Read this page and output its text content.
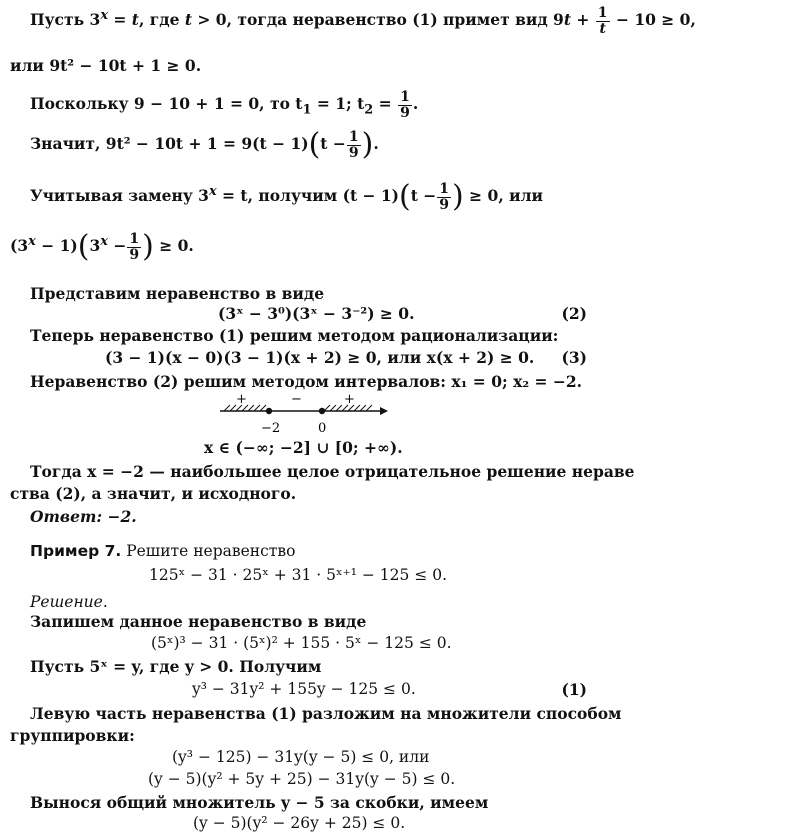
Пусть $3^x = t$, где t > 0, тогда неравенство (1) примет вид $9t + \frac{1}{t} - 10 \ge 0$,
или 9t² − 10t + 1 ≥ 0.
Поскольку 9 − 10 + 1 = 0, то $t_1 = 1$; $t_2 = \frac{1}{9}$ .
Значит, $9t^2 - 10t + 1 = 9(t - 1)(t - \frac{1}{9}$ ).
Учитывая замену $3^x = t$, получим $(t - 1)(t - \frac{1}{9}$ ) ≥ 0, или
$(3^x - 1)(3^x - \frac{1}{9}$ ) ≥ 0.
Представим неравенство в виде
(3ˣ − 3⁰)(3ˣ − 3⁻²) ≥ 0.	(2)
Теперь неравенство (1) решим методом рационализации:
(3 − 1)(x − 0)(3 − 1)(x + 2) ≥ 0, или x(x + 2) ≥ 0.	(3)
Неравенство (2) решим методом интервалов: x₁ = 0; x₂ = −2.
+	−	+
−2	0
x ∈ (−∞; −2] ∪ [0; +∞).
Тогда x = −2 — наибольшее целое отрицательное решение нераве
ства (2), а значит, и исходного.
Ответ: −2.
Пример 7. Решите неравенство
125ˣ − 31 · 25ˣ + 31 · 5ˣ⁺¹ − 125 ≤ 0.
Решение.
Запишем данное неравенство в виде
(5ˣ)³ − 31 · (5ˣ)² + 155 · 5ˣ − 125 ≤ 0.
Пусть 5ˣ = y, где y > 0. Получим
y³ − 31y² + 155y − 125 ≤ 0.	(1)
Левую часть неравенства (1) разложим на множители способом
группировки:
(y³ − 125) − 31y(y − 5) ≤ 0, или
(y − 5)(y² + 5y + 25) − 31y(y − 5) ≤ 0.
Вынося общий множитель y − 5 за скобки, имеем
(y − 5)(y² − 26y + 25) ≤ 0.
